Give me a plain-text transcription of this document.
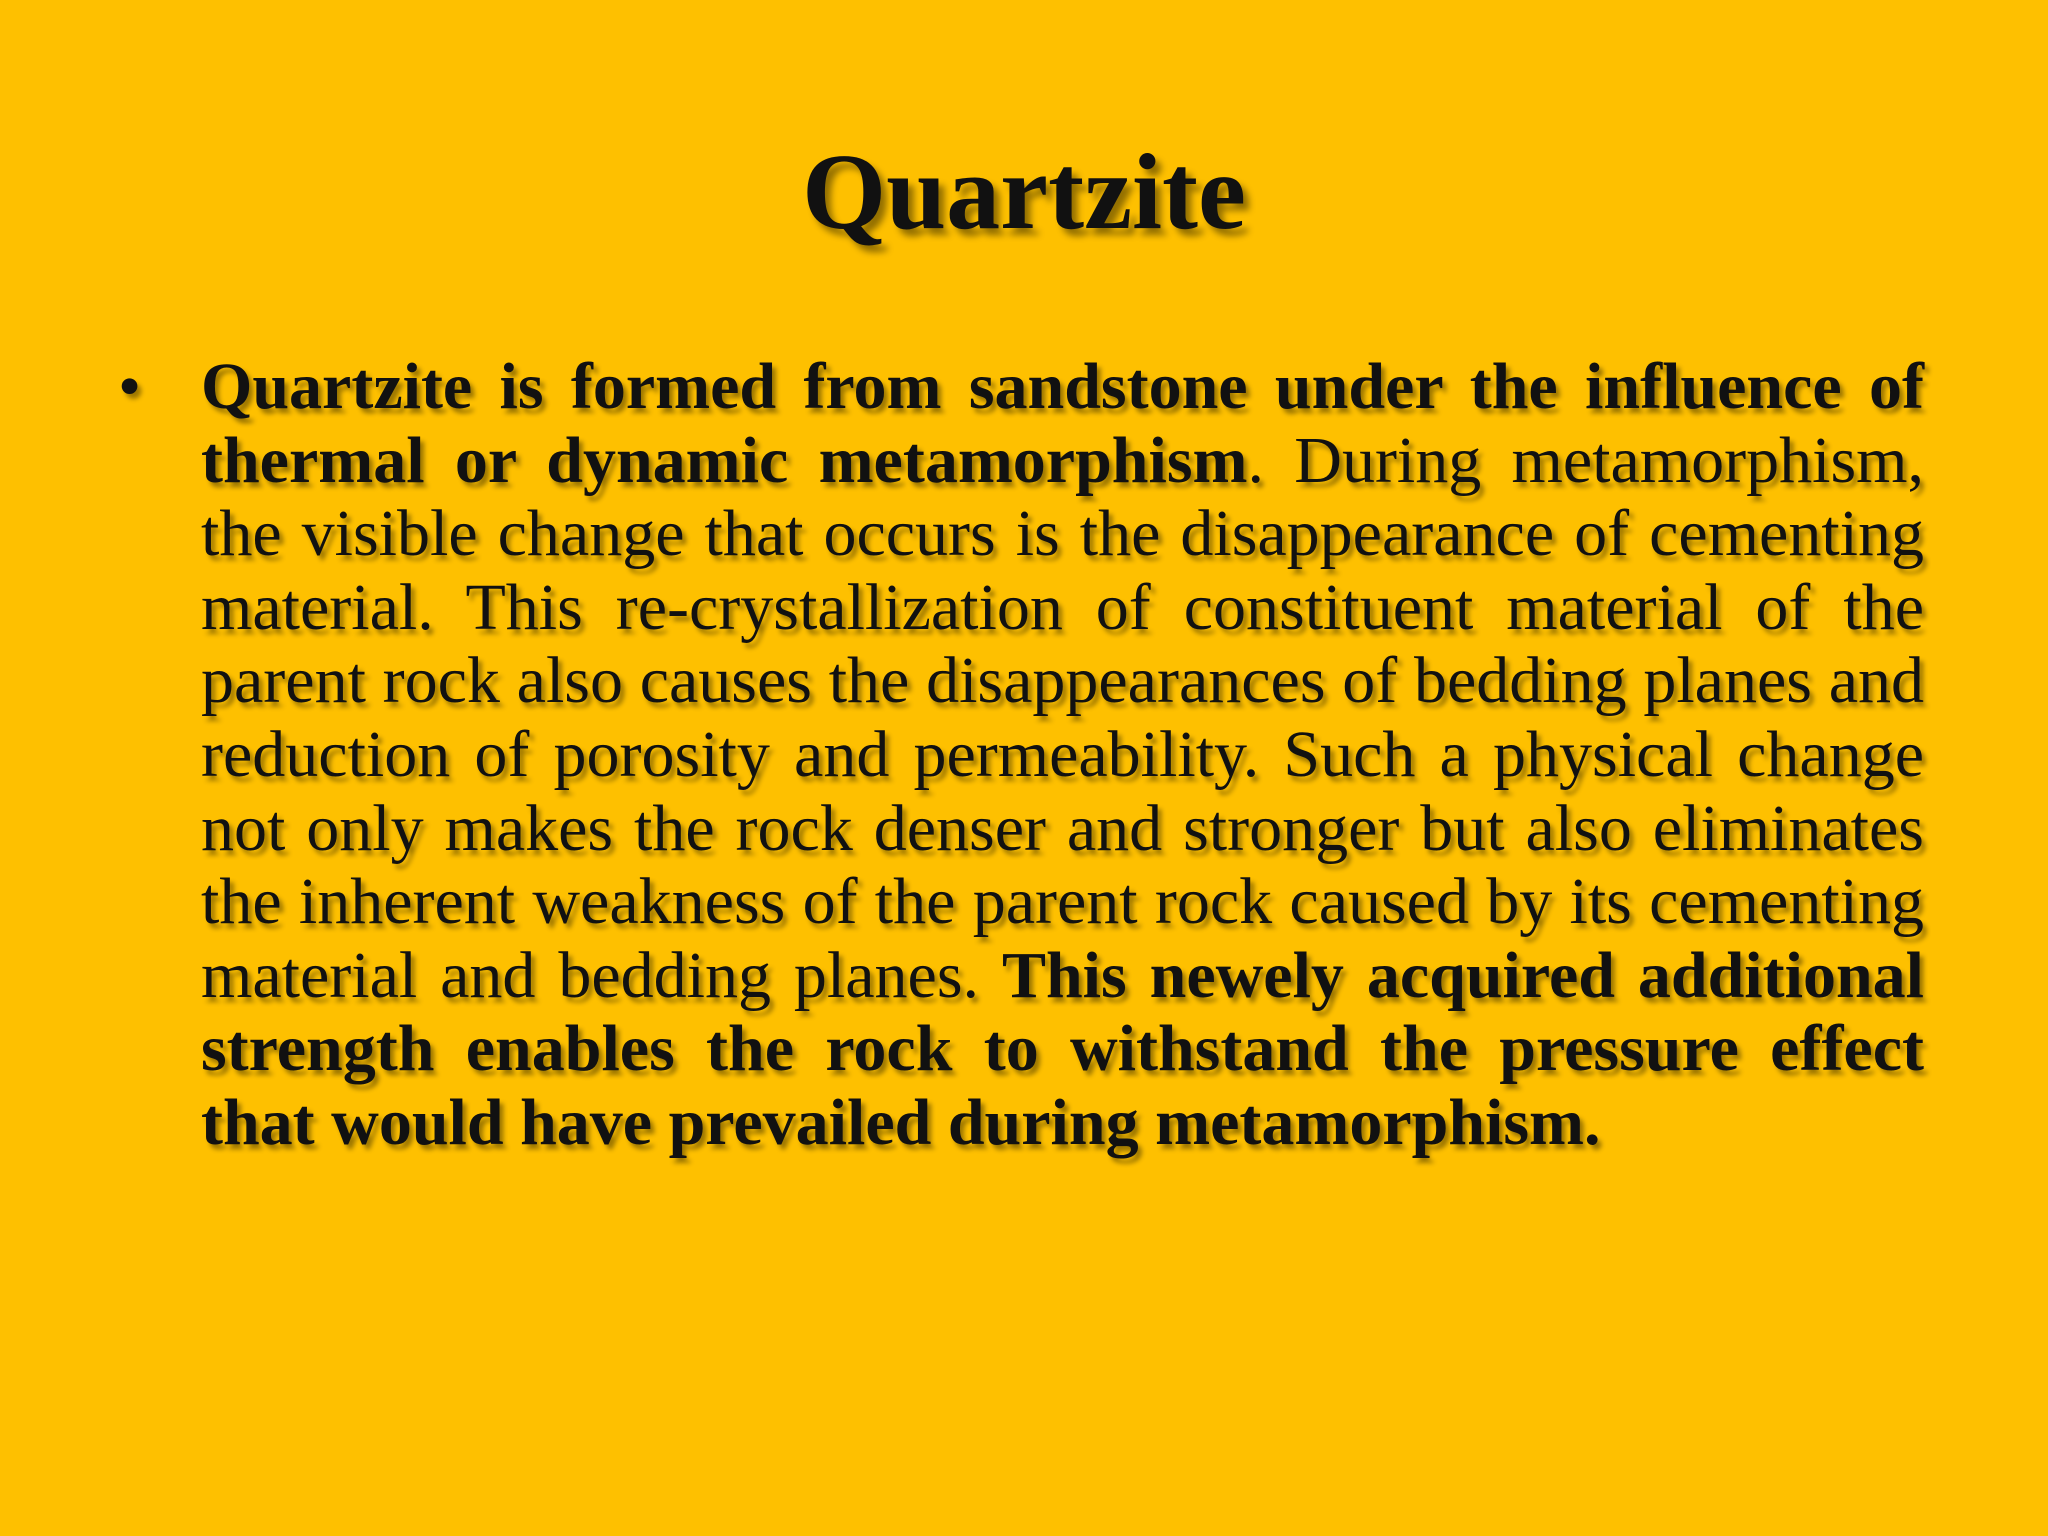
Quartzite
• Quartzite is formed from sandstone under the influence of thermal or dynamic metamorphism. During metamorphism, the visible change that occurs is the disappearance of cementing material. This re-crystallization of constituent material of the parent rock also causes the disappearances of bedding planes and reduction of porosity and permeability. Such a physical change not only makes the rock denser and stronger but also eliminates the inherent weakness of the parent rock caused by its cementing material and bedding planes. This newely acquired additional strength enables the rock to withstand the pressure effect that would have prevailed during metamorphism.
